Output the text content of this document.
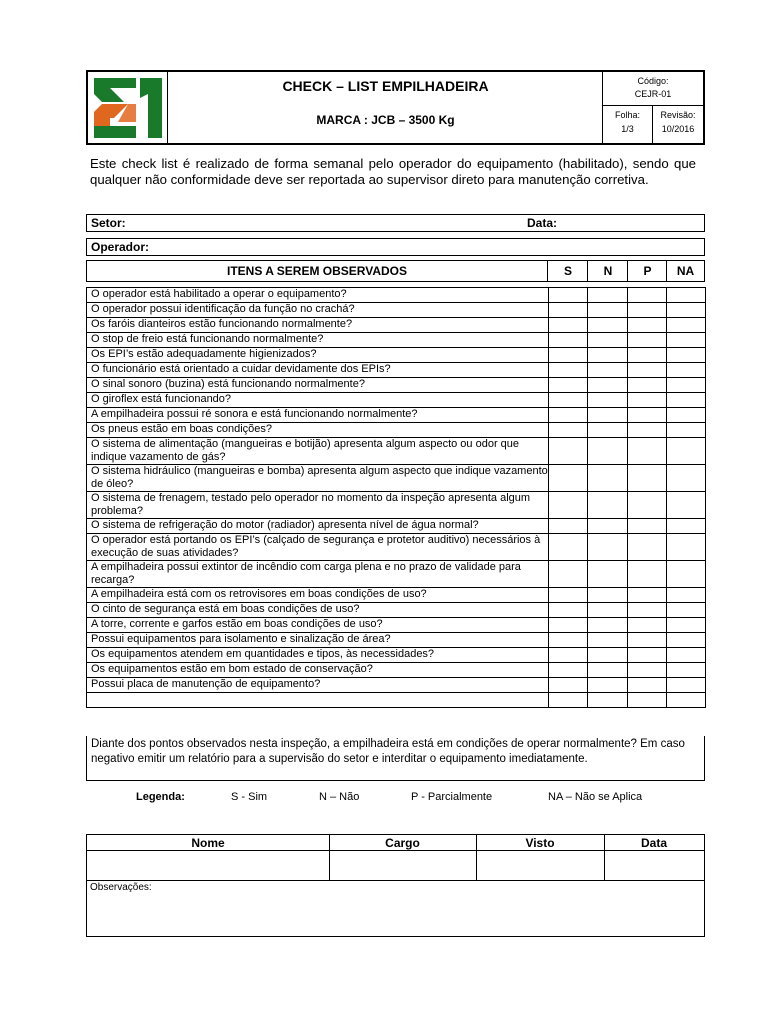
CHECK – LIST EMPILHADEIRA
MARCA : JCB – 3500 Kg
Código:
CEJR-01
Folha:
1/3
Revisão:
10/2016
Este check list é realizado de forma semanal pelo operador do equipamento (habilitado), sendo que qualquer não conformidade deve ser reportada ao supervisor direto para manutenção corretiva.
Setor:	Data:
Operador:
ITENS A SEREM OBSERVADOS	S	N	P	NA
O operador está habilitado a operar o equipamento?				
O operador possui identificação da função no crachá?				
Os faróis dianteiros estão funcionando normalmente?				
O stop de freio está funcionando normalmente?				
Os EPI’s estão adequadamente higienizados?				
O funcionário está orientado a cuidar devidamente dos EPIs?				
O sinal sonoro (buzina) está funcionando normalmente?				
O giroflex está funcionando?				
A empilhadeira possui ré sonora e está funcionando normalmente?				
Os pneus estão em boas condições?				
O sistema de alimentação (mangueiras e botijão) apresenta algum aspecto ou odor que indique vazamento de gás?				
O sistema hidráulico (mangueiras e bomba) apresenta algum aspecto que indique vazamento de óleo?				
O sistema de frenagem, testado pelo operador no momento da inspeção apresenta algum problema?				
O sistema de refrigeração do motor (radiador) apresenta nível de água normal?				
O operador está portando os EPI’s (calçado de segurança e protetor auditivo) necessários à execução de suas atividades?				
A empilhadeira possui extintor de incêndio com carga plena e no prazo de validade para recarga?				
A empilhadeira está com os retrovisores em boas condições de uso?				
O cinto de segurança está em boas condições de uso?				
A torre, corrente e garfos estão em boas condições de uso?				
Possui equipamentos para isolamento e sinalização de área?				
Os equipamentos atendem em quantidades e tipos, às necessidades?				
Os equipamentos estão em bom estado de conservação?				
Possui placa de manutenção de equipamento?				

Diante dos pontos observados nesta inspeção, a empilhadeira está em condições de operar normalmente? Em caso negativo emitir um relatório para a supervisão do setor e interditar o equipamento imediatamente.
Legenda:	S - Sim	N – Não	P - Parcialmente	NA – Não se Aplica
Nome	Cargo	Visto	Data
Observações:
